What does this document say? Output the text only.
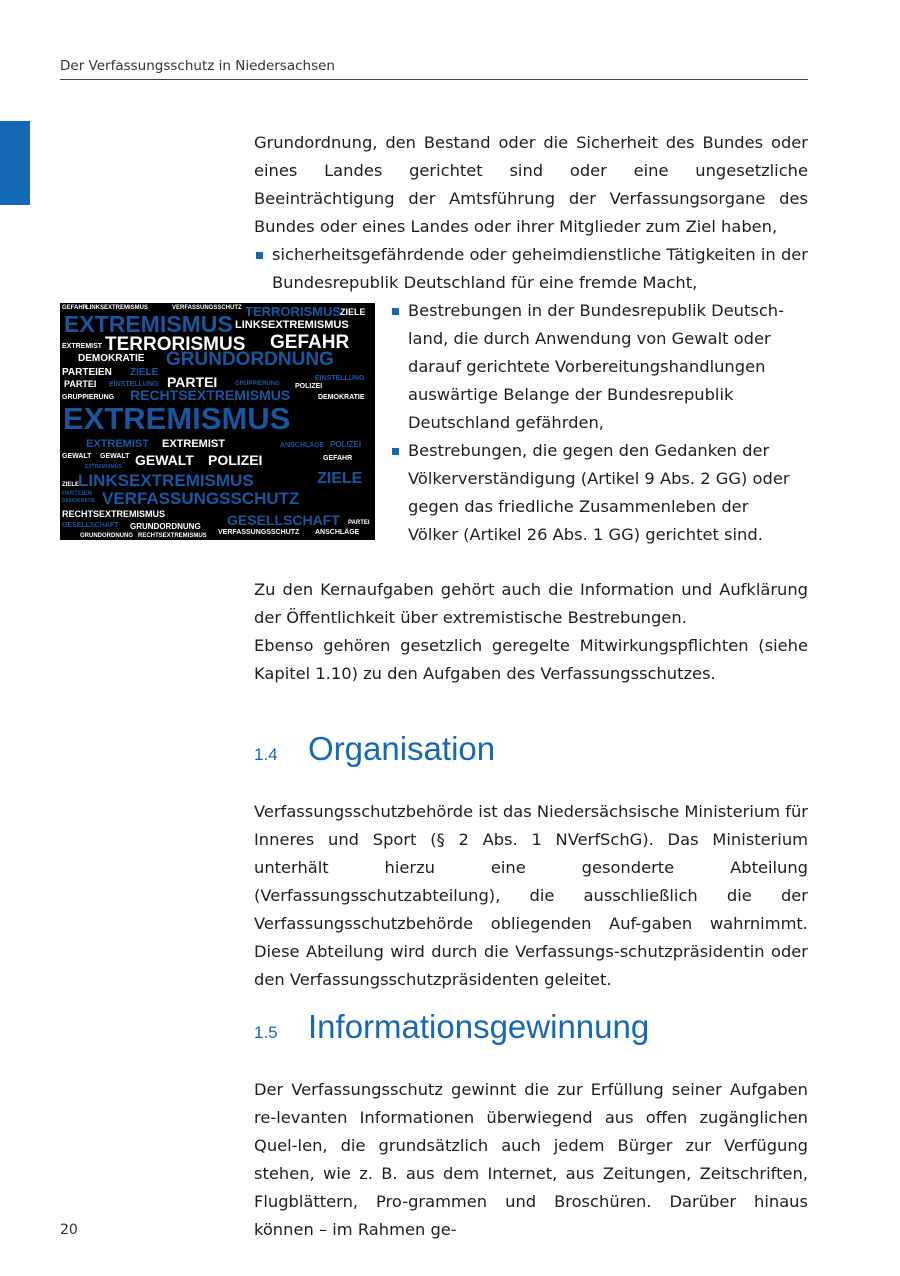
Der Verfassungsschutz in Niedersachsen

Grundordnung, den Bestand oder die Sicherheit des Bundes oder eines Landes gerichtet sind oder eine ungesetzliche Beeinträchtigung der Amtsführung der Verfassungsorgane des Bundes oder eines Landes oder ihrer Mitglieder zum Ziel haben,

sicherheitsgefährdende oder geheimdienstliche Tätigkeiten in der Bundesrepublik Deutschland für eine fremde Macht,

GEFAHR
LINKSEXTREMISMUS	VERFASSUNGSSCHUTZ TERRORISMUS
ZIELE
EXTREMISMUS LINKSEXTREMISMUS
EXTREMIST TERRORISMUS GEFAHR
DEMOKRATIE GRUNDORDNUNG
PARTEIEN ZIELE
PARTEI EINSTELLUNG PARTEI	EINSTELLUNG
GRUPPIERUNG POLIZEI
GRUPPIERUNG RECHTSEXTREMISMUS	DEMOKRATIE
EXTREMISMUS
EXTREMIST EXTREMIST	ANSCHLÄGE POLIZEI
GEWALT GEWALT GEWALT POLIZEI	GEFAHR
EXTREMISMUS
LINKSEXTREMISMUS	ZIELE
ZIELE
PARTEIEN VERFASSUNGSSCHUTZ
DEMOKRATIE
RECHTSEXTREMISMUS
GESELLSCHAFT	GESELLSCHAFT
GRUNDORDNUNG	PARTEI
GRUNDORDNUNG RECHTSEXTREMISMUS VERFASSUNGSSCHUTZ ANSCHLÄGE

Bestrebungen in der Bundesrepublik Deutsch-land, die durch Anwendung von Gewalt oder darauf gerichtete Vorbereitungshandlungen auswärtige Belange der Bundesrepublik Deutschland gefährden,

Bestrebungen, die gegen den Gedanken der Völkerverständigung (Artikel 9 Abs. 2 GG) oder gegen das friedliche Zusammenleben der Völker (Artikel 26 Abs. 1 GG) gerichtet sind.

Zu den Kernaufgaben gehört auch die Information und Aufklärung der Öffentlichkeit über extremistische Bestrebungen.

Ebenso gehören gesetzlich geregelte Mitwirkungspflichten (siehe Kapitel 1.10) zu den Aufgaben des Verfassungsschutzes.

1.4 Organisation

Verfassungsschutzbehörde ist das Niedersächsische Ministerium für Inneres und Sport (§ 2 Abs. 1 NVerfSchG). Das Ministerium unterhält hierzu eine gesonderte Abteilung (Verfassungsschutzabteilung), die ausschließlich die der Verfassungsschutzbehörde obliegenden Auf-gaben wahrnimmt. Diese Abteilung wird durch die Verfassungs-schutzpräsidentin oder den Verfassungsschutzpräsidenten geleitet.

1.5 Informationsgewinnung

Der Verfassungsschutz gewinnt die zur Erfüllung seiner Aufgaben re-levanten Informationen überwiegend aus offen zugänglichen Quel-len, die grundsätzlich auch jedem Bürger zur Verfügung stehen, wie z. B. aus dem Internet, aus Zeitungen, Zeitschriften, Flugblättern, Pro-grammen und Broschüren. Darüber hinaus können – im Rahmen ge-

20
